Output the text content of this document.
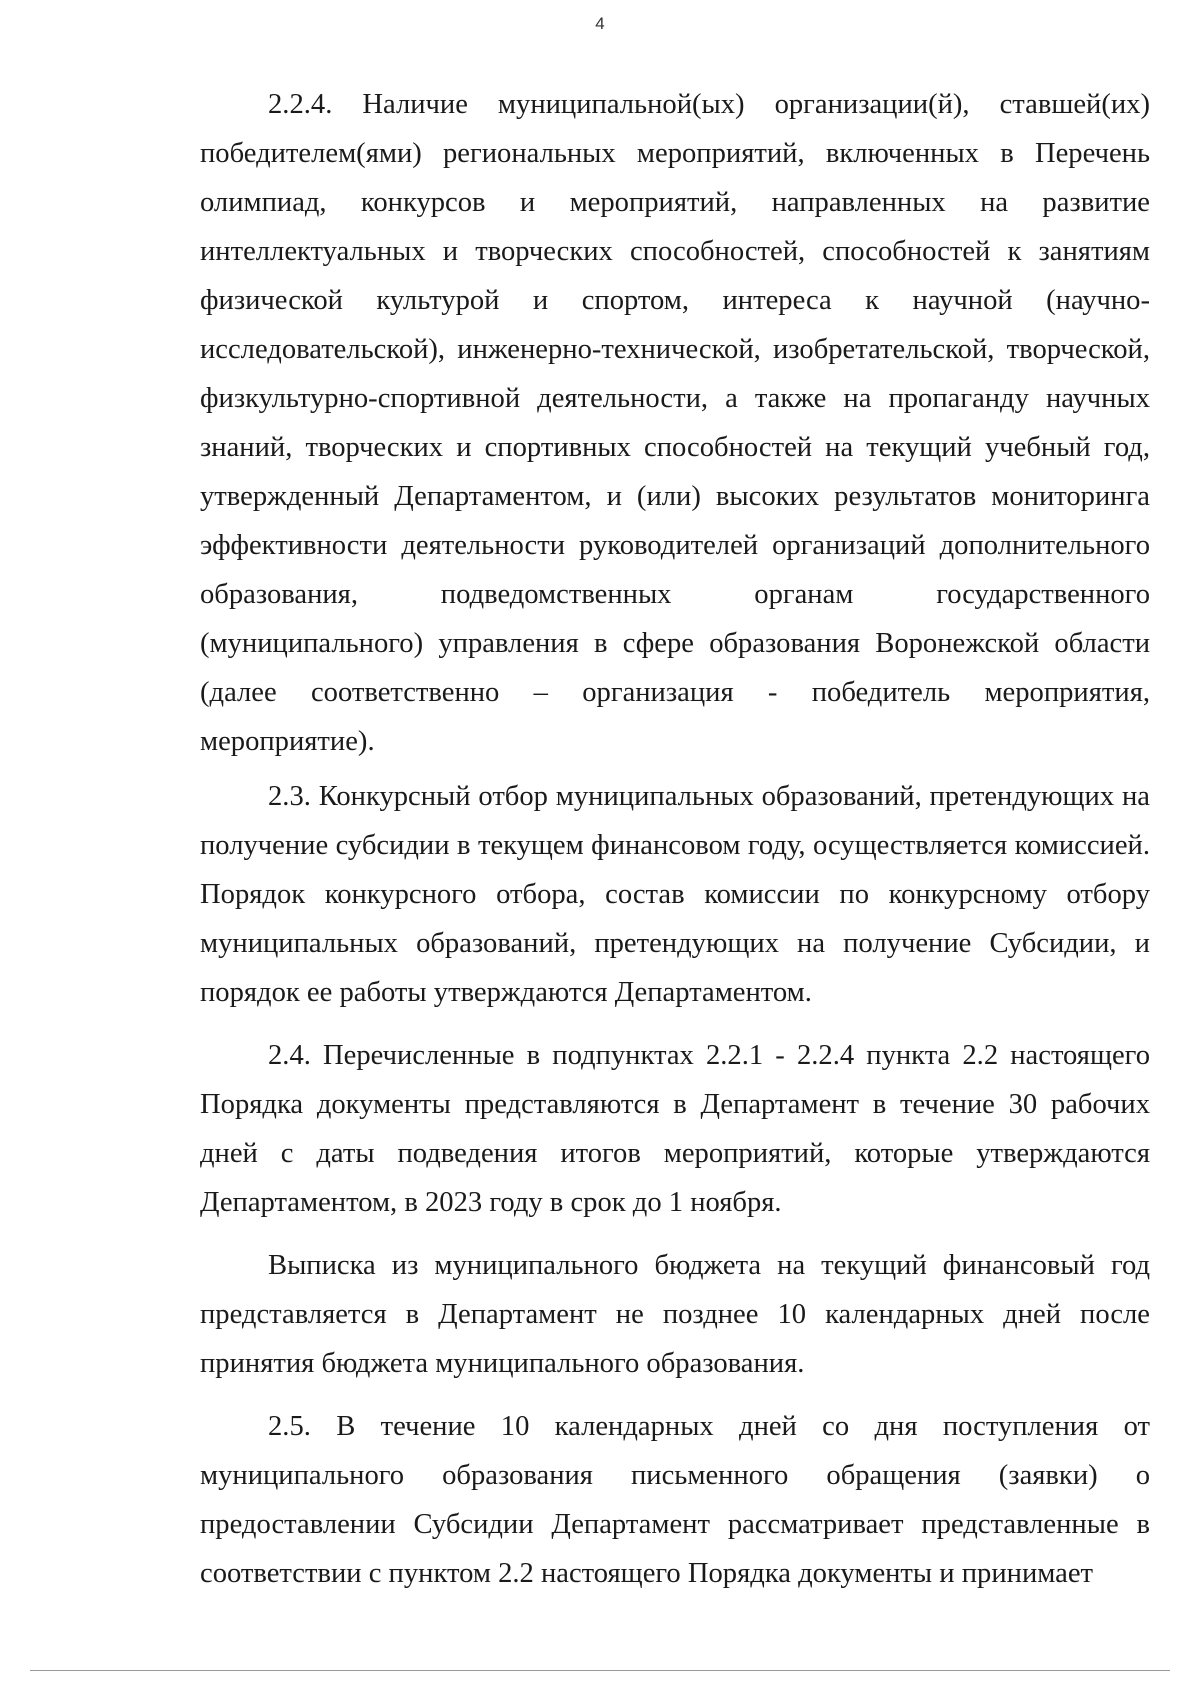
4

2.2.4. Наличие муниципальной(ых) организации(й), ставшей(их) победителем(ями) региональных мероприятий, включенных в Перечень олимпиад, конкурсов и мероприятий, направленных на развитие интеллектуальных и творческих способностей, способностей к занятиям физической культурой и спортом, интереса к научной (научно-исследовательской), инженерно-технической, изобретательской, творческой, физкультурно-спортивной деятельности, а также на пропаганду научных знаний, творческих и спортивных способностей на текущий учебный год, утвержденный Департаментом, и (или) высоких результатов мониторинга эффективности деятельности руководителей организаций дополнительного образования, подведомственных органам государственного (муниципального) управления в сфере образования Воронежской области (далее соответственно – организация - победитель мероприятия, мероприятие).

2.3. Конкурсный отбор муниципальных образований, претендующих на получение субсидии в текущем финансовом году, осуществляется комиссией. Порядок конкурсного отбора, состав комиссии по конкурсному отбору муниципальных образований, претендующих на получение Субсидии, и порядок ее работы утверждаются Департаментом.

2.4. Перечисленные в подпунктах 2.2.1 - 2.2.4 пункта 2.2 настоящего Порядка документы представляются в Департамент в течение 30 рабочих дней с даты подведения итогов мероприятий, которые утверждаются Департаментом, в 2023 году в срок до 1 ноября.

Выписка из муниципального бюджета на текущий финансовый год представляется в Департамент не позднее 10 календарных дней после принятия бюджета муниципального образования.

2.5. В течение 10 календарных дней со дня поступления от муниципального образования письменного обращения (заявки) о предоставлении Субсидии Департамент рассматривает представленные в соответствии с пунктом 2.2 настоящего Порядка документы и принимает
